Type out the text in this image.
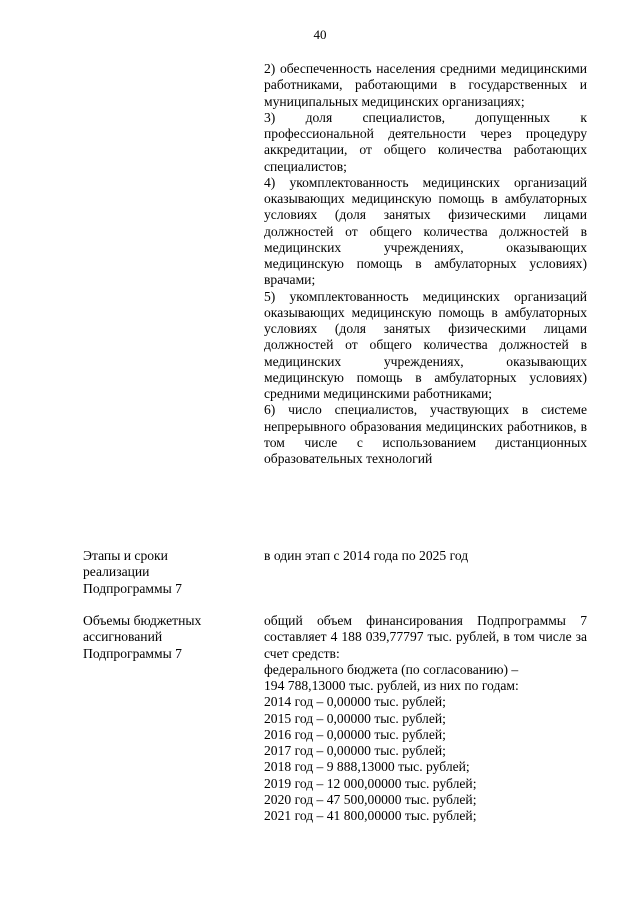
40

2) обеспеченность населения средними медицинскими работниками, работающими в государственных и муниципальных медицинских организациях;

3) доля специалистов, допущенных к профессиональной деятельности через процедуру аккредитации, от общего количества работающих специалистов;

4) укомплектованность медицинских организаций оказывающих медицинскую помощь в амбулаторных условиях (доля занятых физическими лицами должностей от общего количества должностей в медицинских учреждениях, оказывающих медицинскую помощь в амбулаторных условиях) врачами;

5) укомплектованность медицинских организаций оказывающих медицинскую помощь в амбулаторных условиях (доля занятых физическими лицами должностей от общего количества должностей в медицинских учреждениях, оказывающих медицинскую помощь в амбулаторных условиях) средними медицинскими работниками;

6) число специалистов, участвующих в системе непрерывного образования медицинских работников, в том числе с использованием дистанционных образовательных технологий

Этапы и сроки
реализации
Подпрограммы 7
в один этап с 2014 года по 2025 год
Объемы бюджетных
ассигнований
Подпрограммы 7

общий объем финансирования Подпрограммы 7 составляет 4 188 039,77797 тыс. рублей, в том числе за счет средств:

федерального бюджета (по согласованию) –
194 788,13000 тыс. рублей, из них по годам:
2014 год – 0,00000 тыс. рублей;
2015 год – 0,00000 тыс. рублей;
2016 год – 0,00000 тыс. рублей;
2017 год – 0,00000 тыс. рублей;
2018 год – 9 888,13000 тыс. рублей;
2019 год – 12 000,00000 тыс. рублей;
2020 год – 47 500,00000 тыс. рублей;
2021 год – 41 800,00000 тыс. рублей;
